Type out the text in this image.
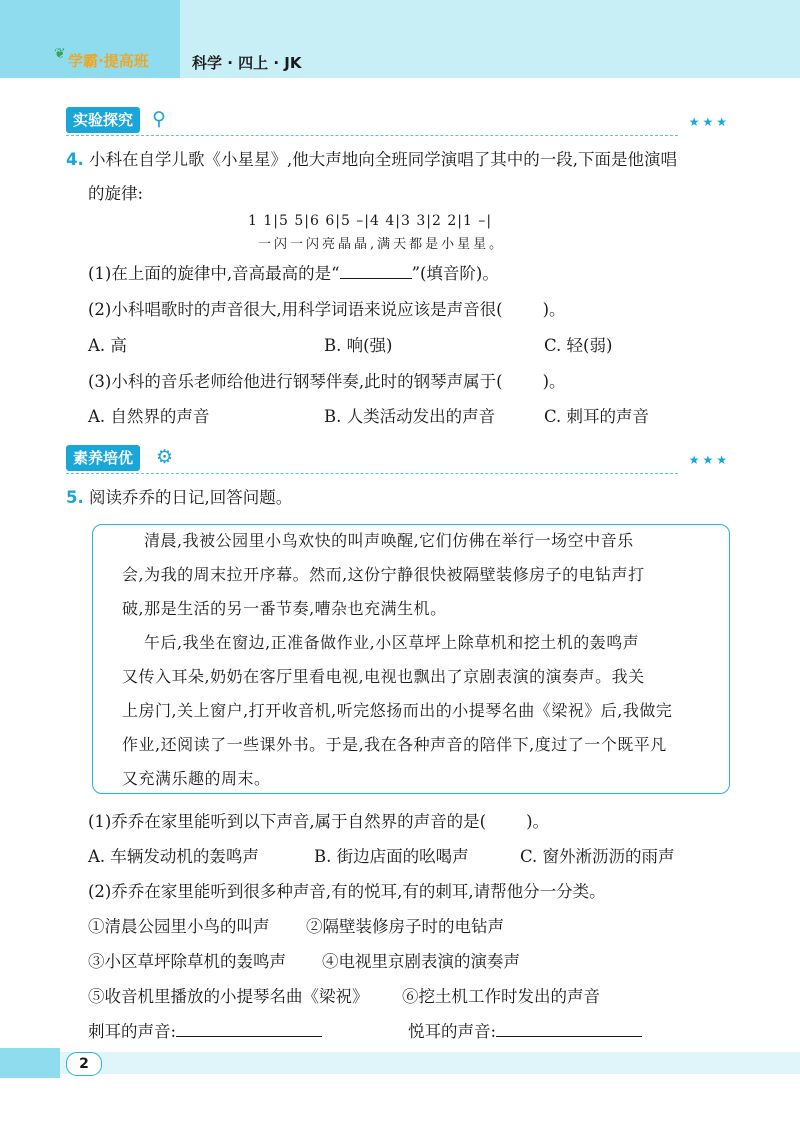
❦ 学霸·提高班	科学 · 四上 · JK
实验探究 ⚲	★★★
4. 小科在自学儿歌《小星星》,他大声地向全班同学演唱了其中的一段,下面是他演唱
的旋律:
1 1|5 5|6 6|5 –|4 4|3 3|2 2|1 –|
一闪一闪亮晶晶,满天都是小星星。
(1)在上面的旋律中,音高最高的是“	”(填音阶)。
(2)小科唱歌时的声音很大,用科学词语来说应该是声音很( )。
A. 高	B. 响(强)	C. 轻(弱)
(3)小科的音乐老师给他进行钢琴伴奏,此时的钢琴声属于( )。
A. 自然界的声音	B. 人类活动发出的声音	C. 刺耳的声音
素养培优	⚙	★★★
5. 阅读乔乔的日记,回答问题。
清晨,我被公园里小鸟欢快的叫声唤醒,它们仿佛在举行一场空中音乐
会,为我的周末拉开序幕。然而,这份宁静很快被隔壁装修房子的电钻声打
破,那是生活的另一番节奏,嘈杂也充满生机。
午后,我坐在窗边,正准备做作业,小区草坪上除草机和挖土机的轰鸣声
又传入耳朵,奶奶在客厅里看电视,电视也飘出了京剧表演的演奏声。我关
上房门,关上窗户,打开收音机,听完悠扬而出的小提琴名曲《梁祝》后,我做完
作业,还阅读了一些课外书。于是,我在各种声音的陪伴下,度过了一个既平凡
又充满乐趣的周末。
(1)乔乔在家里能听到以下声音,属于自然界的声音的是( )。
A. 车辆发动机的轰鸣声	B. 街边店面的吆喝声	C. 窗外淅沥沥的雨声
(2)乔乔在家里能听到很多种声音,有的悦耳,有的刺耳,请帮他分一分类。
①清晨公园里小鸟的叫声 ②隔壁装修房子时的电钻声
③小区草坪除草机的轰鸣声 ④电视里京剧表演的演奏声
⑤收音机里播放的小提琴名曲《梁祝》 ⑥挖土机工作时发出的声音
刺耳的声音:	悦耳的声音:
2
